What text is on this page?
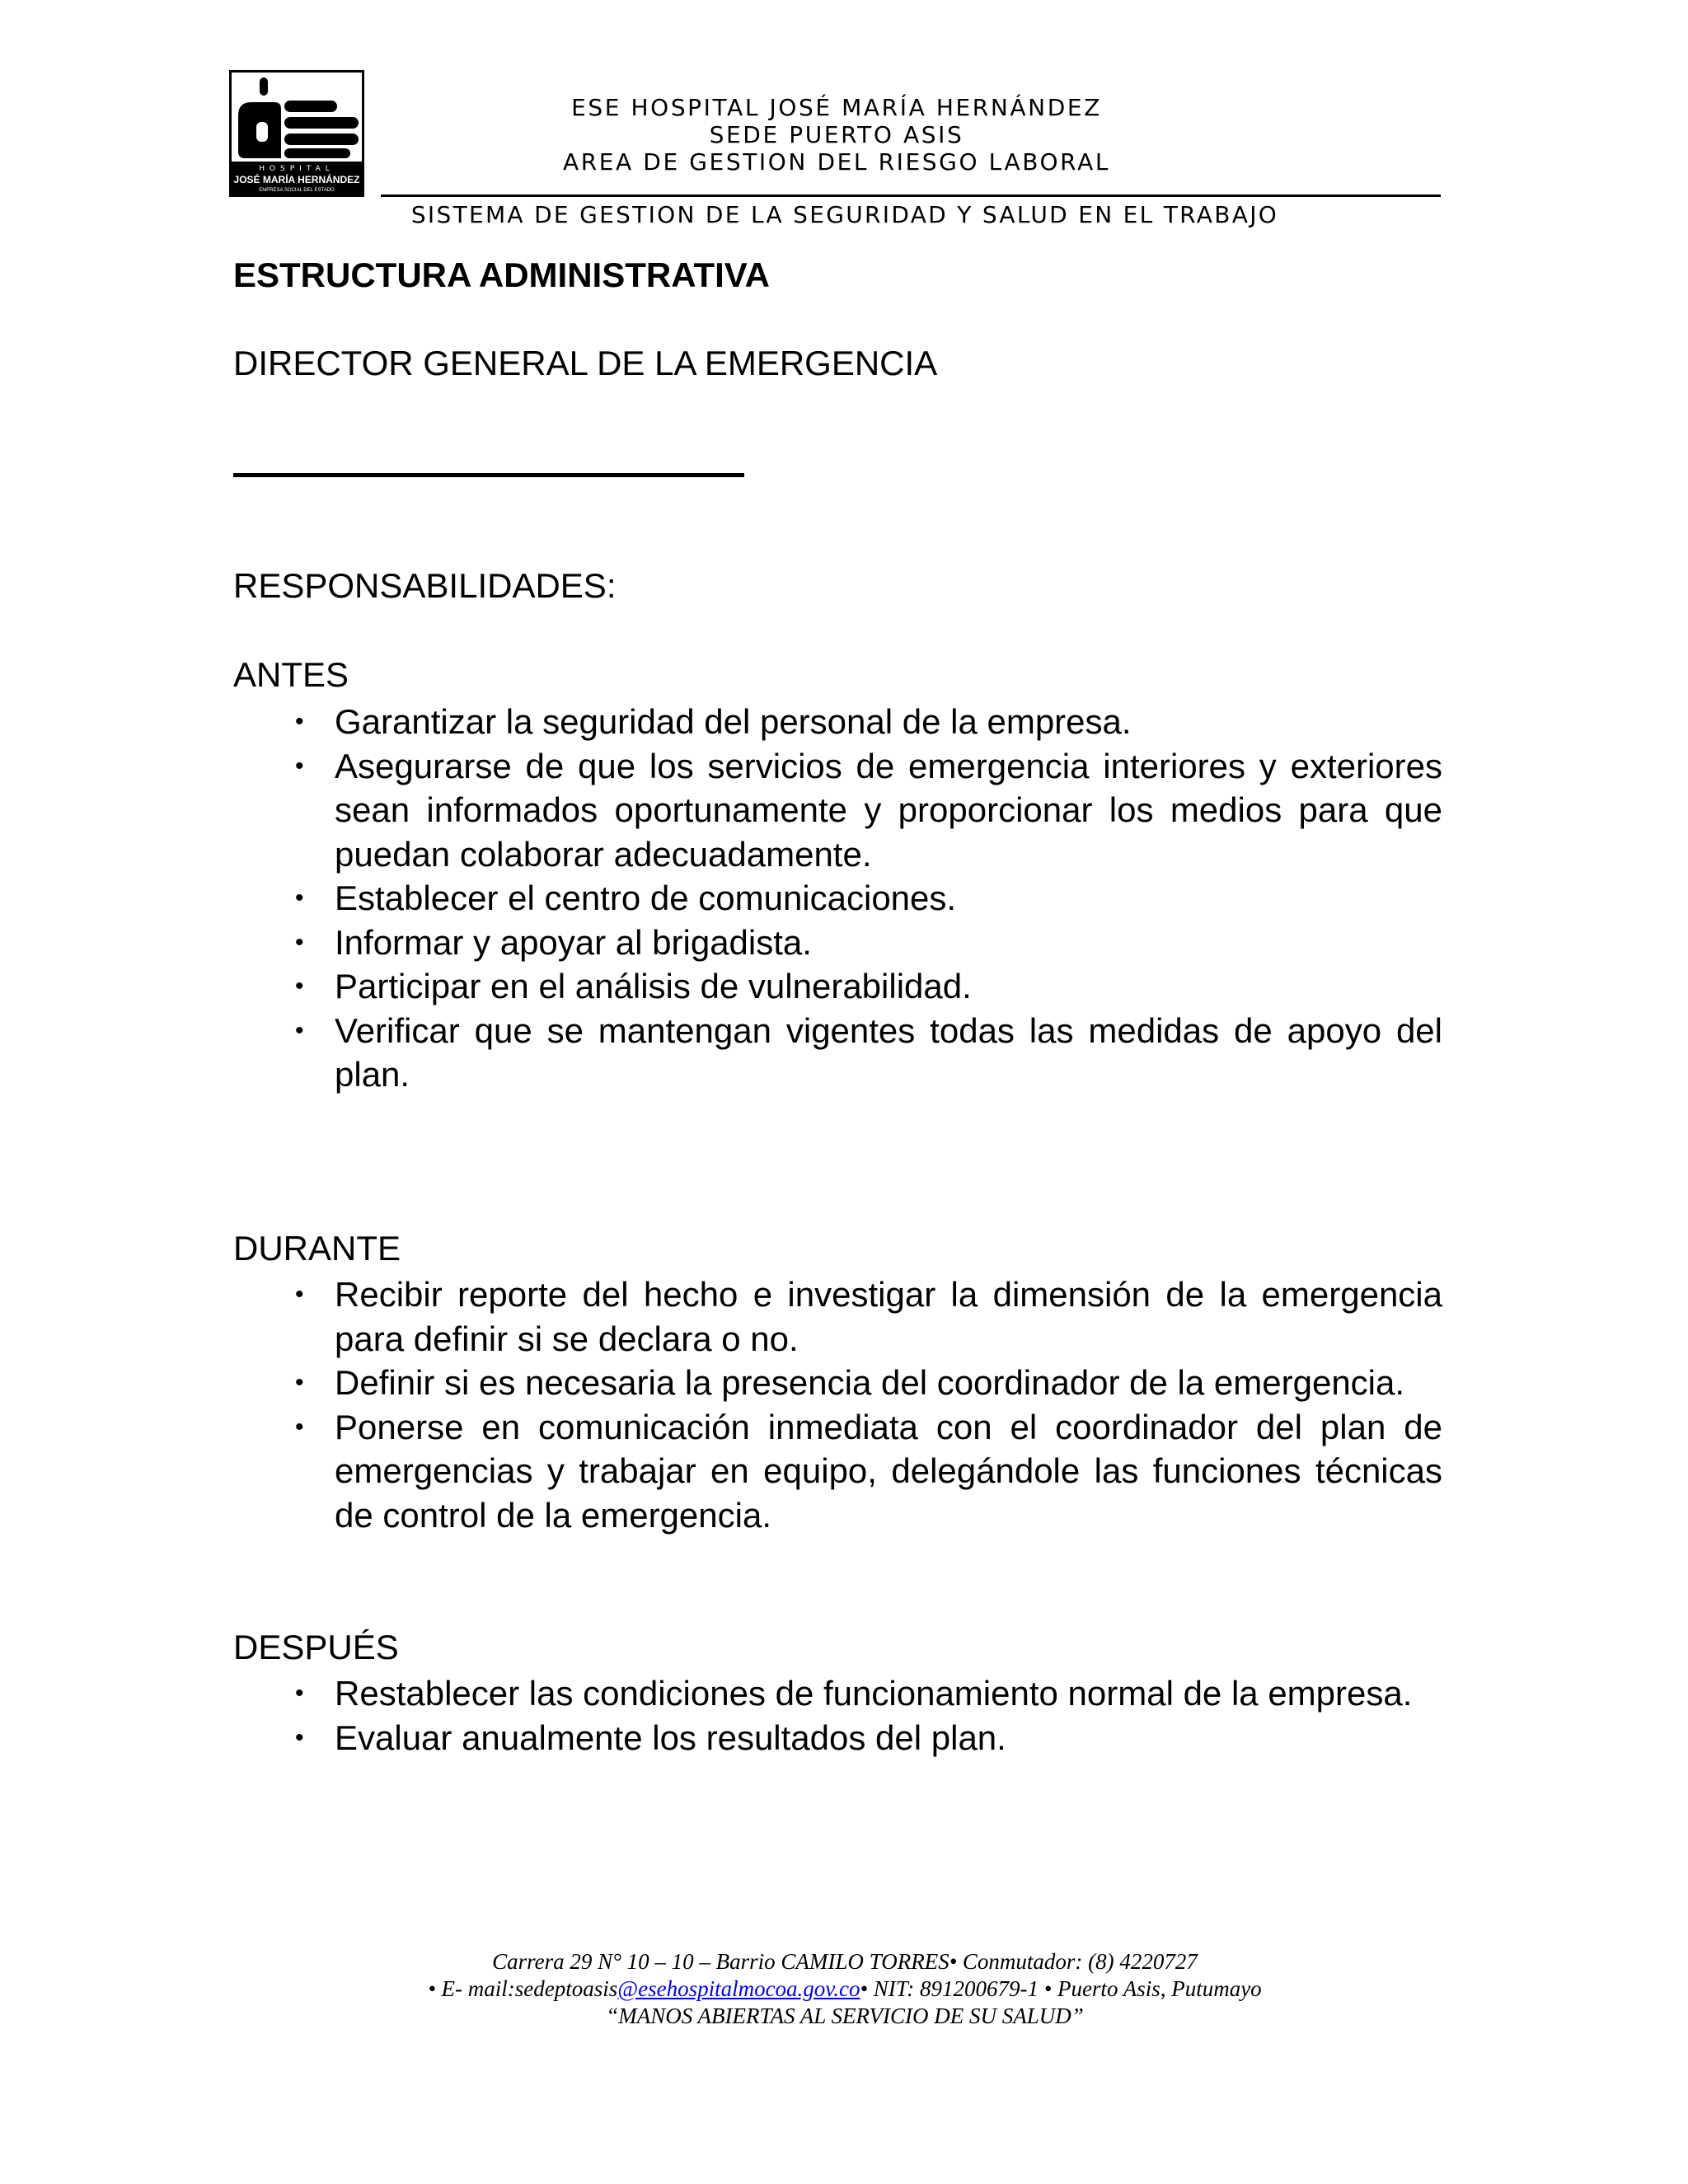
HOSPITAL
JOSÉ MARÍA HERNÁNDEZ
EMPRESA SOCIAL DEL ESTADO
ESE HOSPITAL JOSÉ MARÍA HERNÁNDEZ
SEDE PUERTO ASIS
AREA DE GESTION DEL RIESGO LABORAL
SISTEMA DE GESTION DE LA SEGURIDAD Y SALUD EN EL TRABAJO
ESTRUCTURA ADMINISTRATIVA
DIRECTOR GENERAL DE LA EMERGENCIA
RESPONSABILIDADES:
ANTES
• Garantizar la seguridad del personal de la empresa.
• Asegurarse de que los servicios de emergencia interiores y exteriores sean informados oportunamente y proporcionar los medios para que puedan colaborar adecuadamente.
• Establecer el centro de comunicaciones.
• Informar y apoyar al brigadista.
• Participar en el análisis de vulnerabilidad.
• Verificar que se mantengan vigentes todas las medidas de apoyo del plan.
DURANTE
• Recibir reporte del hecho e investigar la dimensión de la emergencia para definir si se declara o no.
• Definir si es necesaria la presencia del coordinador de la emergencia.
• Ponerse en comunicación inmediata con el coordinador del plan de emergencias y trabajar en equipo, delegándole las funciones técnicas de control de la emergencia.
DESPUÉS
• Restablecer las condiciones de funcionamiento normal de la empresa.
• Evaluar anualmente los resultados del plan.
Carrera 29 N° 10 – 10 – Barrio CAMILO TORRES• Conmutador: (8) 4220727
• E- mail:sedeptoasis@esehospitalmocoa.gov.co• NIT: 891200679-1 • Puerto Asis, Putumayo
“MANOS ABIERTAS AL SERVICIO DE SU SALUD”
